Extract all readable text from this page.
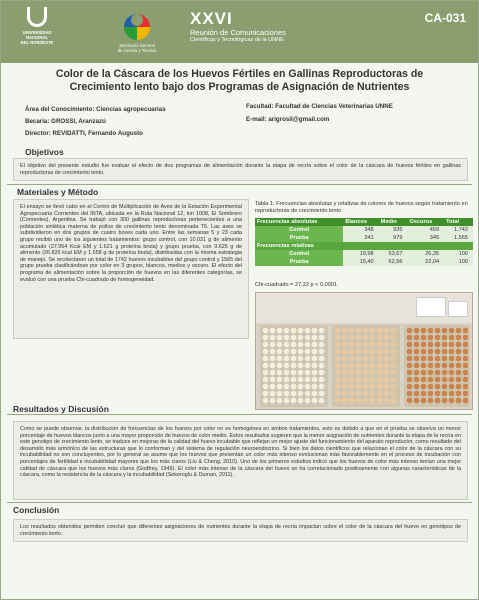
UNIVERSIDAD
NACIONAL
DEL NORDESTE
Secretaría General
de Ciencia y Técnica
XXVI
Reunión de Comunicaciones
Científicas y Tecnológicas de la UNNE
CA-031
Color de la Cáscara de los Huevos Fértiles en Gallinas Reproductoras de
Crecimiento lento bajo dos Programas de Asignación de Nutrientes
Área del Conocimiento: Ciencias agropecuarias
Becaria: GROSSI, Aranzazú
Director: REVIDATTI, Fernando Augusto
Facultad: Facultad de Ciencias Veterinarias UNNE
E-mail: arigrosil@gmail.com
Objetivos
El objetivo del presente estudio fue evaluar el efecto de dos programas de alimentación durante la etapa de recría sobre el color de la cáscara de huevos fértiles en gallinas reproductoras de crecimiento lento.
Materiales y Método
El ensayo se llevó cabo en el Centro de Multiplicación de Aves de la Estación Experimental Agropecuaria Corrientes del INTA, ubicada en la Ruta Nacional 12, km 1008, El Sombrero (Corrientes), Argentina. Se trabajó con 300 gallinas reproductoras pertenecientes a una población sintética materna de pollos de crecimiento lento denominada T6. Las aves se subdividieron en dos grupos de cuatro boxes cada uno. Entre las semanas 5 y 23 cada grupo recibió uno de los siguientes tratamientos: grupo control, con 10.031 g de alimento acumulado (27.954 Kcal EM y 1.621 g proteína bruta) y grupo prueba, con 9.625 g de alimento (26.826 kcal EM y 1.558 g de proteína bruta), distribuidas con la misma estrategia de manejo. Se recolectaron un total de 1742 huevos incubables del grupo control y 1565 del grupo prueba clasificándose por color en 3 grupos, blancos, medios y oscuro. El efecto del programa de alimentación sobre la proporción de huevos en las diferentes categorías, se evaluó con una prueba Chi-cuadrado de homogeneidad.
Tabla 1: Frecuencias absolutas y relativas de colores de huevos según tratamiento en reproductoras de crecimiento lento
Frecuencias absolutas	Blancos	Medio	Oscuros	Total
Control	348	935	459	1.742
Prueba	241	979	345	1.565
Frecuencias relativas				
Control	19,98	53,67	26,35	100
Prueba	15,40	62,56	22,04	100
Chi-cuadrado = 27,22 p < 0,0001
Resultados y Discusión
Como se puede observar, la distribución de frecuencias de los huevos por color no es homogénea en ambos tratamientos, esto es debido a que en el prueba se observa un menor porcentaje de huevos blancos junto a una mayor proporción de huevos de color medio. Estos resultados sugieren que la menor asignación de nutrientes durante la etapa de la recría en este genotipo de crecimiento lento, se traduce en mejoras de la calidad del huevo incubable que reflejan un mejor ajuste del funcionamiento del aparato reproductor, como resultado del desarrollo más armónico de las estructuras que lo conforman y del sistema de regulación neuroendocrino. Si bien los datos científicos que relacionan el color de la cáscara con su incubabilidad no son concluyentes, por lo general se asume que los huevos que presentan un color más intenso evolucionan más favorablemente en el proceso de incubación con porcentajes de fertilidad e incubabilidad mayores que los más claros (Liu & Cheng, 2010). Uno de los primeros estudios indicó que los huevos de color más intenso tenían una mejor calidad de cáscara que los huevos más claros (Godfrey, 1949). El color más intenso de la cáscara del huevo se ha correlacionado positivamente con algunas características de la cáscara, como la resistencia de la cáscara y la incubabilidad (Sekeroglu & Duman, 2011).
Conclusión
Los resultados obtenidos permiten concluir que diferentes asignaciones de nutrientes durante la etapa de recría impactan sobre el color de la cáscara del huevo en genotipos de crecimiento lento.
